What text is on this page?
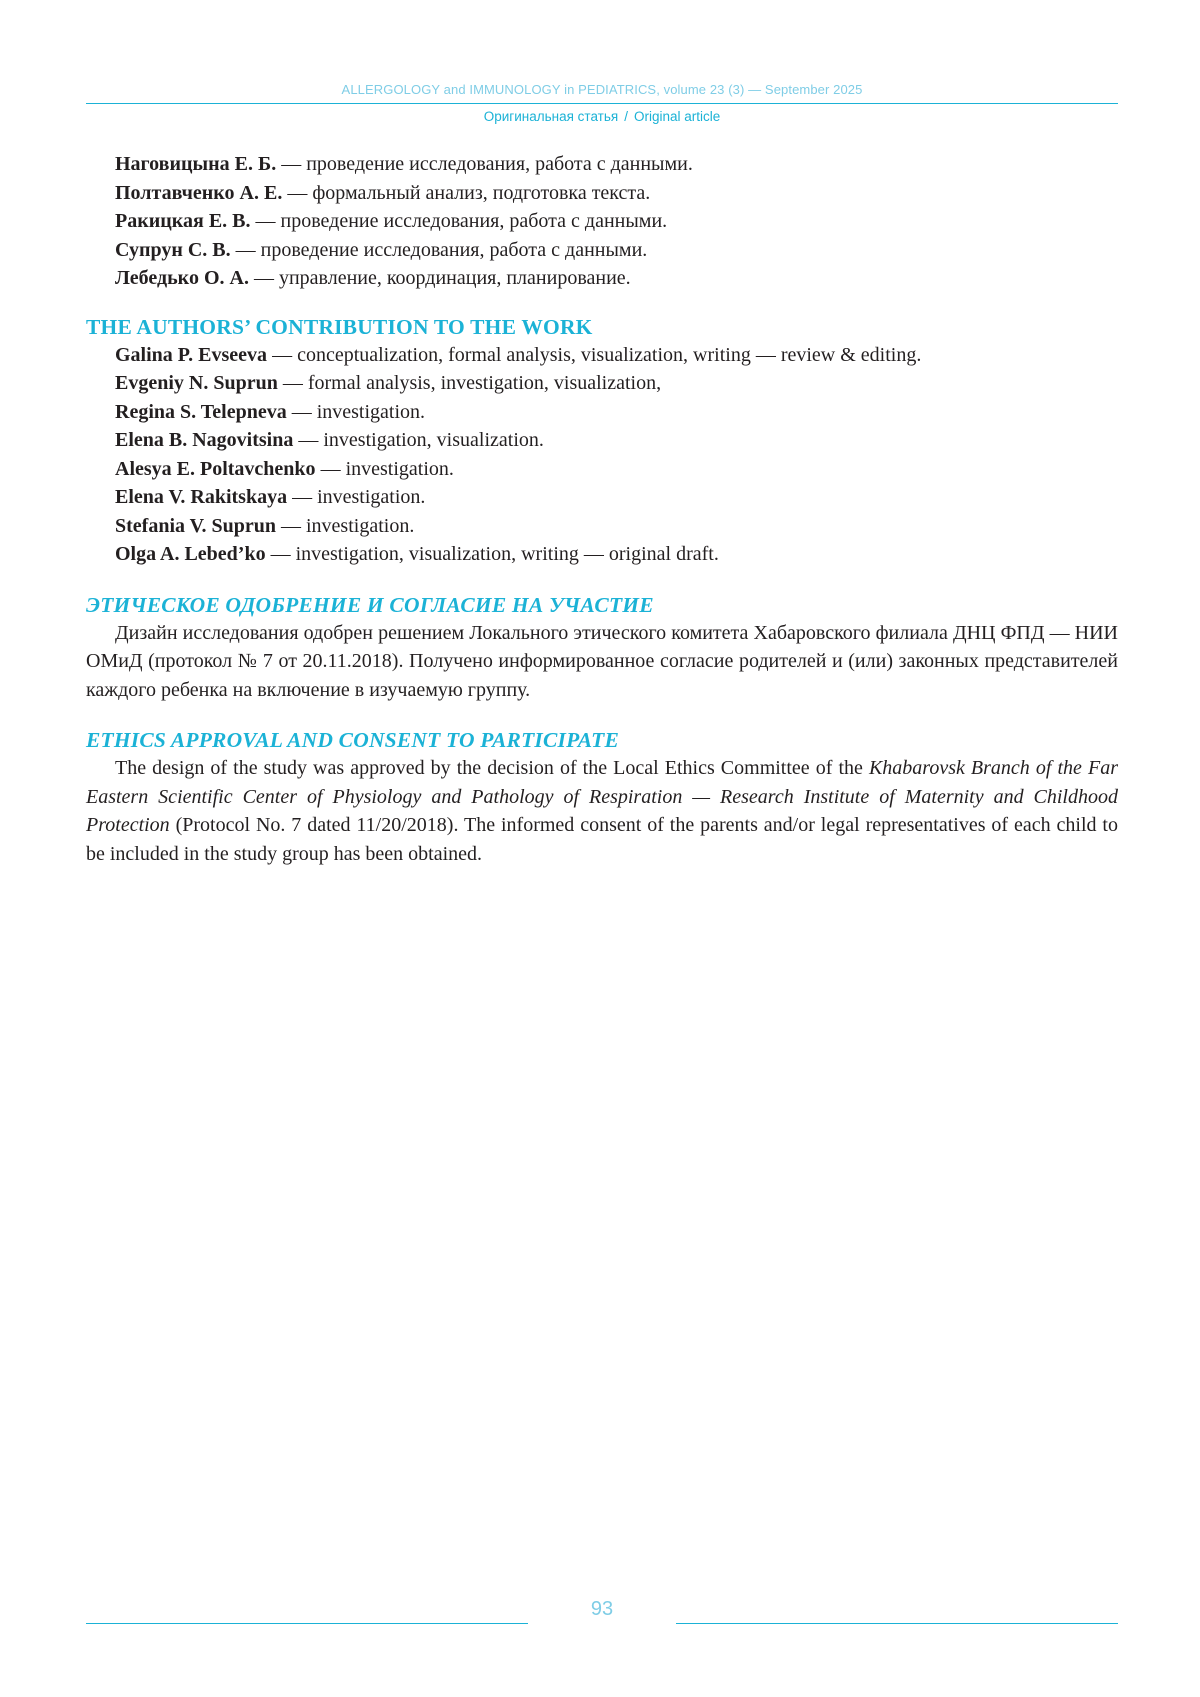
ALLERGOLOGY and IMMUNOLOGY in PEDIATRICS, volume 23 (3) — September 2025
Оригинальная статья / Original article

Наговицына Е. Б. — проведение исследования, работа с данными.

Полтавченко А. Е. — формальный анализ, подготовка текста.

Ракицкая Е. В. — проведение исследования, работа с данными.

Супрун С. В. — проведение исследования, работа с данными.

Лебедько О. А. — управление, координация, планирование.

THE AUTHORS’ CONTRIBUTION TO THE WORK

Galina P. Evseeva — conceptualization, formal analysis, visualization, writing — review & editing.

Evgeniy N. Suprun — formal analysis, investigation, visualization,

Regina S. Telepneva — investigation.

Elena B. Nagovitsina — investigation, visualization.

Alesya E. Poltavchenko — investigation.

Elena V. Rakitskaya — investigation.

Stefania V. Suprun — investigation.

Olga A. Lebed’ko — investigation, visualization, writing — original draft.

ЭТИЧЕСКОЕ ОДОБРЕНИЕ И СОГЛАСИЕ НА УЧАСТИЕ

Дизайн исследования одобрен решением Локального этического комитета Хабаровского филиала ДНЦ ФПД — НИИ ОМиД (протокол № 7 от 20.11.2018). Получено информированное согласие родителей и (или) законных представителей каждого ребенка на включение в изучаемую группу.

ETHICS APPROVAL AND CONSENT TO PARTICIPATE

The design of the study was approved by the decision of the Local Ethics Committee of the Khabarovsk Branch of the Far Eastern Scientific Center of Physiology and Pathology of Respiration — Research Institute of Maternity and Childhood Protection (Protocol No. 7 dated 11/20/2018). The informed consent of the parents and/or legal representatives of each child to be included in the study group has been obtained.

93
